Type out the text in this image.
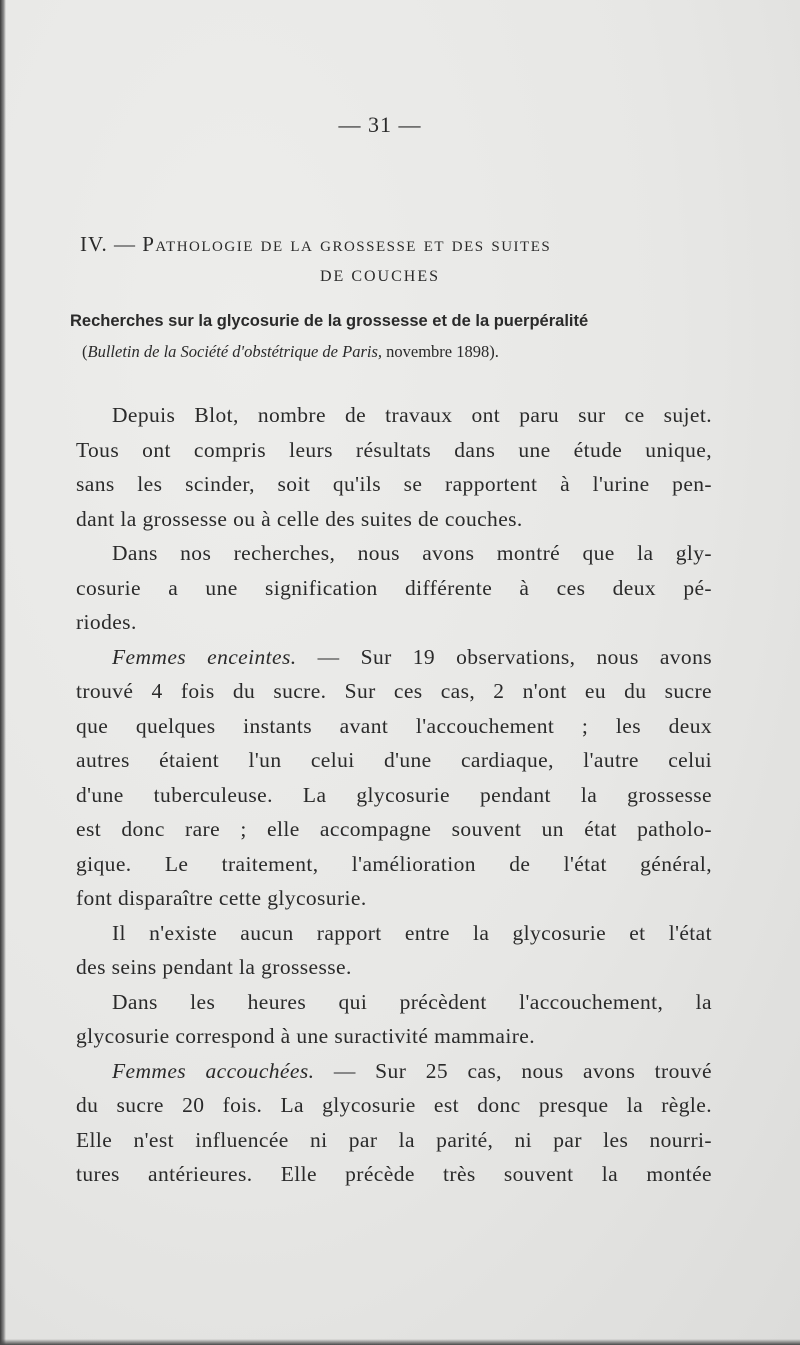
— 31 —
IV. — Pathologie de la grossesse et des suites
DE COUCHES
Recherches sur la glycosurie de la grossesse et de la puerpéralité
(Bulletin de la Société d'obstétrique de Paris, novembre 1898).
Depuis Blot, nombre de travaux ont paru sur ce sujet.
Tous ont compris leurs résultats dans une étude unique,
sans les scinder, soit qu'ils se rapportent à l'urine pen-
dant la grossesse ou à celle des suites de couches.
Dans nos recherches, nous avons montré que la gly-
cosurie a une signification différente à ces deux pé-
riodes.
Femmes enceintes. — Sur 19 observations, nous avons
trouvé 4 fois du sucre. Sur ces cas, 2 n'ont eu du sucre
que quelques instants avant l'accouchement ; les deux
autres étaient l'un celui d'une cardiaque, l'autre celui
d'une tuberculeuse. La glycosurie pendant la grossesse
est donc rare ; elle accompagne souvent un état patholo-
gique. Le traitement, l'amélioration de l'état général,
font disparaître cette glycosurie.
Il n'existe aucun rapport entre la glycosurie et l'état
des seins pendant la grossesse.
Dans les heures qui précèdent l'accouchement, la
glycosurie correspond à une suractivité mammaire.
Femmes accouchées. — Sur 25 cas, nous avons trouvé
du sucre 20 fois. La glycosurie est donc presque la règle.
Elle n'est influencée ni par la parité, ni par les nourri-
tures antérieures. Elle précède très souvent la montée
